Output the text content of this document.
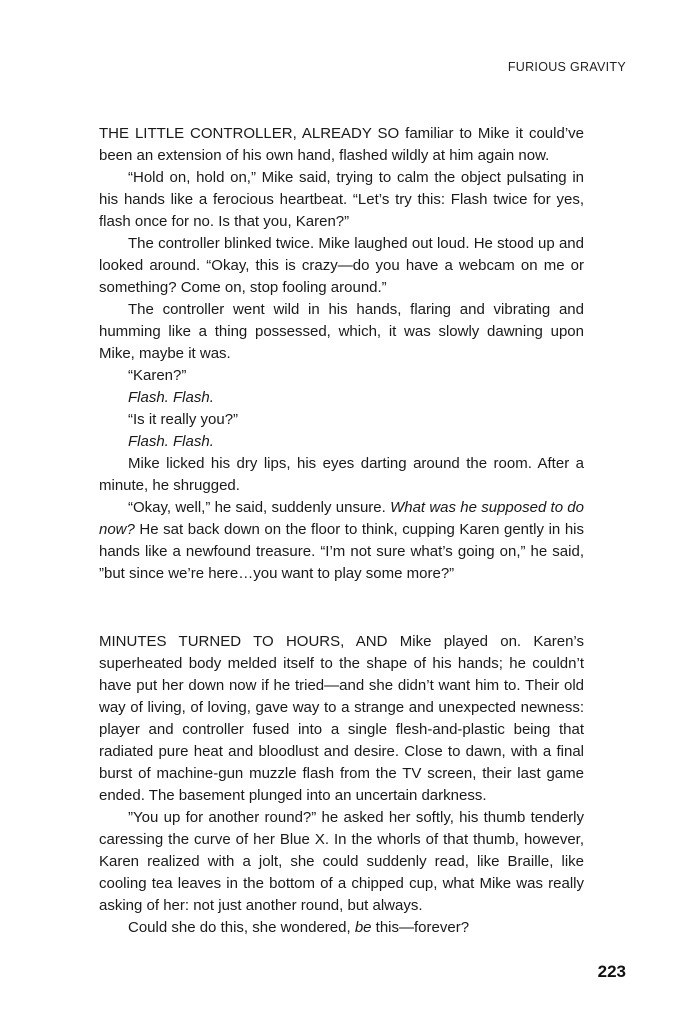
FURIOUS GRAVITY

THE LITTLE CONTROLLER, ALREADY SO familiar to Mike it could’ve been an extension of his own hand, flashed wildly at him again now.

“Hold on, hold on,” Mike said, trying to calm the object pulsating in his hands like a ferocious heartbeat. “Let’s try this: Flash twice for yes, flash once for no. Is that you, Karen?”

The controller blinked twice. Mike laughed out loud. He stood up and looked around. “Okay, this is crazy—do you have a webcam on me or something? Come on, stop fooling around.”

The controller went wild in his hands, flaring and vibrating and humming like a thing possessed, which, it was slowly dawning upon Mike, maybe it was.

“Karen?”

Flash. Flash.

“Is it really you?”

Flash. Flash.

Mike licked his dry lips, his eyes darting around the room. After a minute, he shrugged.

“Okay, well,” he said, suddenly unsure. What was he supposed to do now? He sat back down on the floor to think, cupping Karen gently in his hands like a newfound treasure. “I’m not sure what’s going on,” he said, ”but since we’re here…you want to play some more?”

MINUTES TURNED TO HOURS, AND Mike played on. Karen’s superheated body melded itself to the shape of his hands; he couldn’t have put her down now if he tried—and she didn’t want him to. Their old way of living, of loving, gave way to a strange and unexpected newness: player and controller fused into a single flesh-and-plastic being that radiated pure heat and bloodlust and desire. Close to dawn, with a final burst of machine-gun muzzle flash from the TV screen, their last game ended. The basement plunged into an uncertain darkness.

”You up for another round?” he asked her softly, his thumb tenderly caressing the curve of her Blue X. In the whorls of that thumb, however, Karen realized with a jolt, she could suddenly read, like Braille, like cooling tea leaves in the bottom of a chipped cup, what Mike was really asking of her: not just another round, but always.

Could she do this, she wondered, be this—forever?

223
